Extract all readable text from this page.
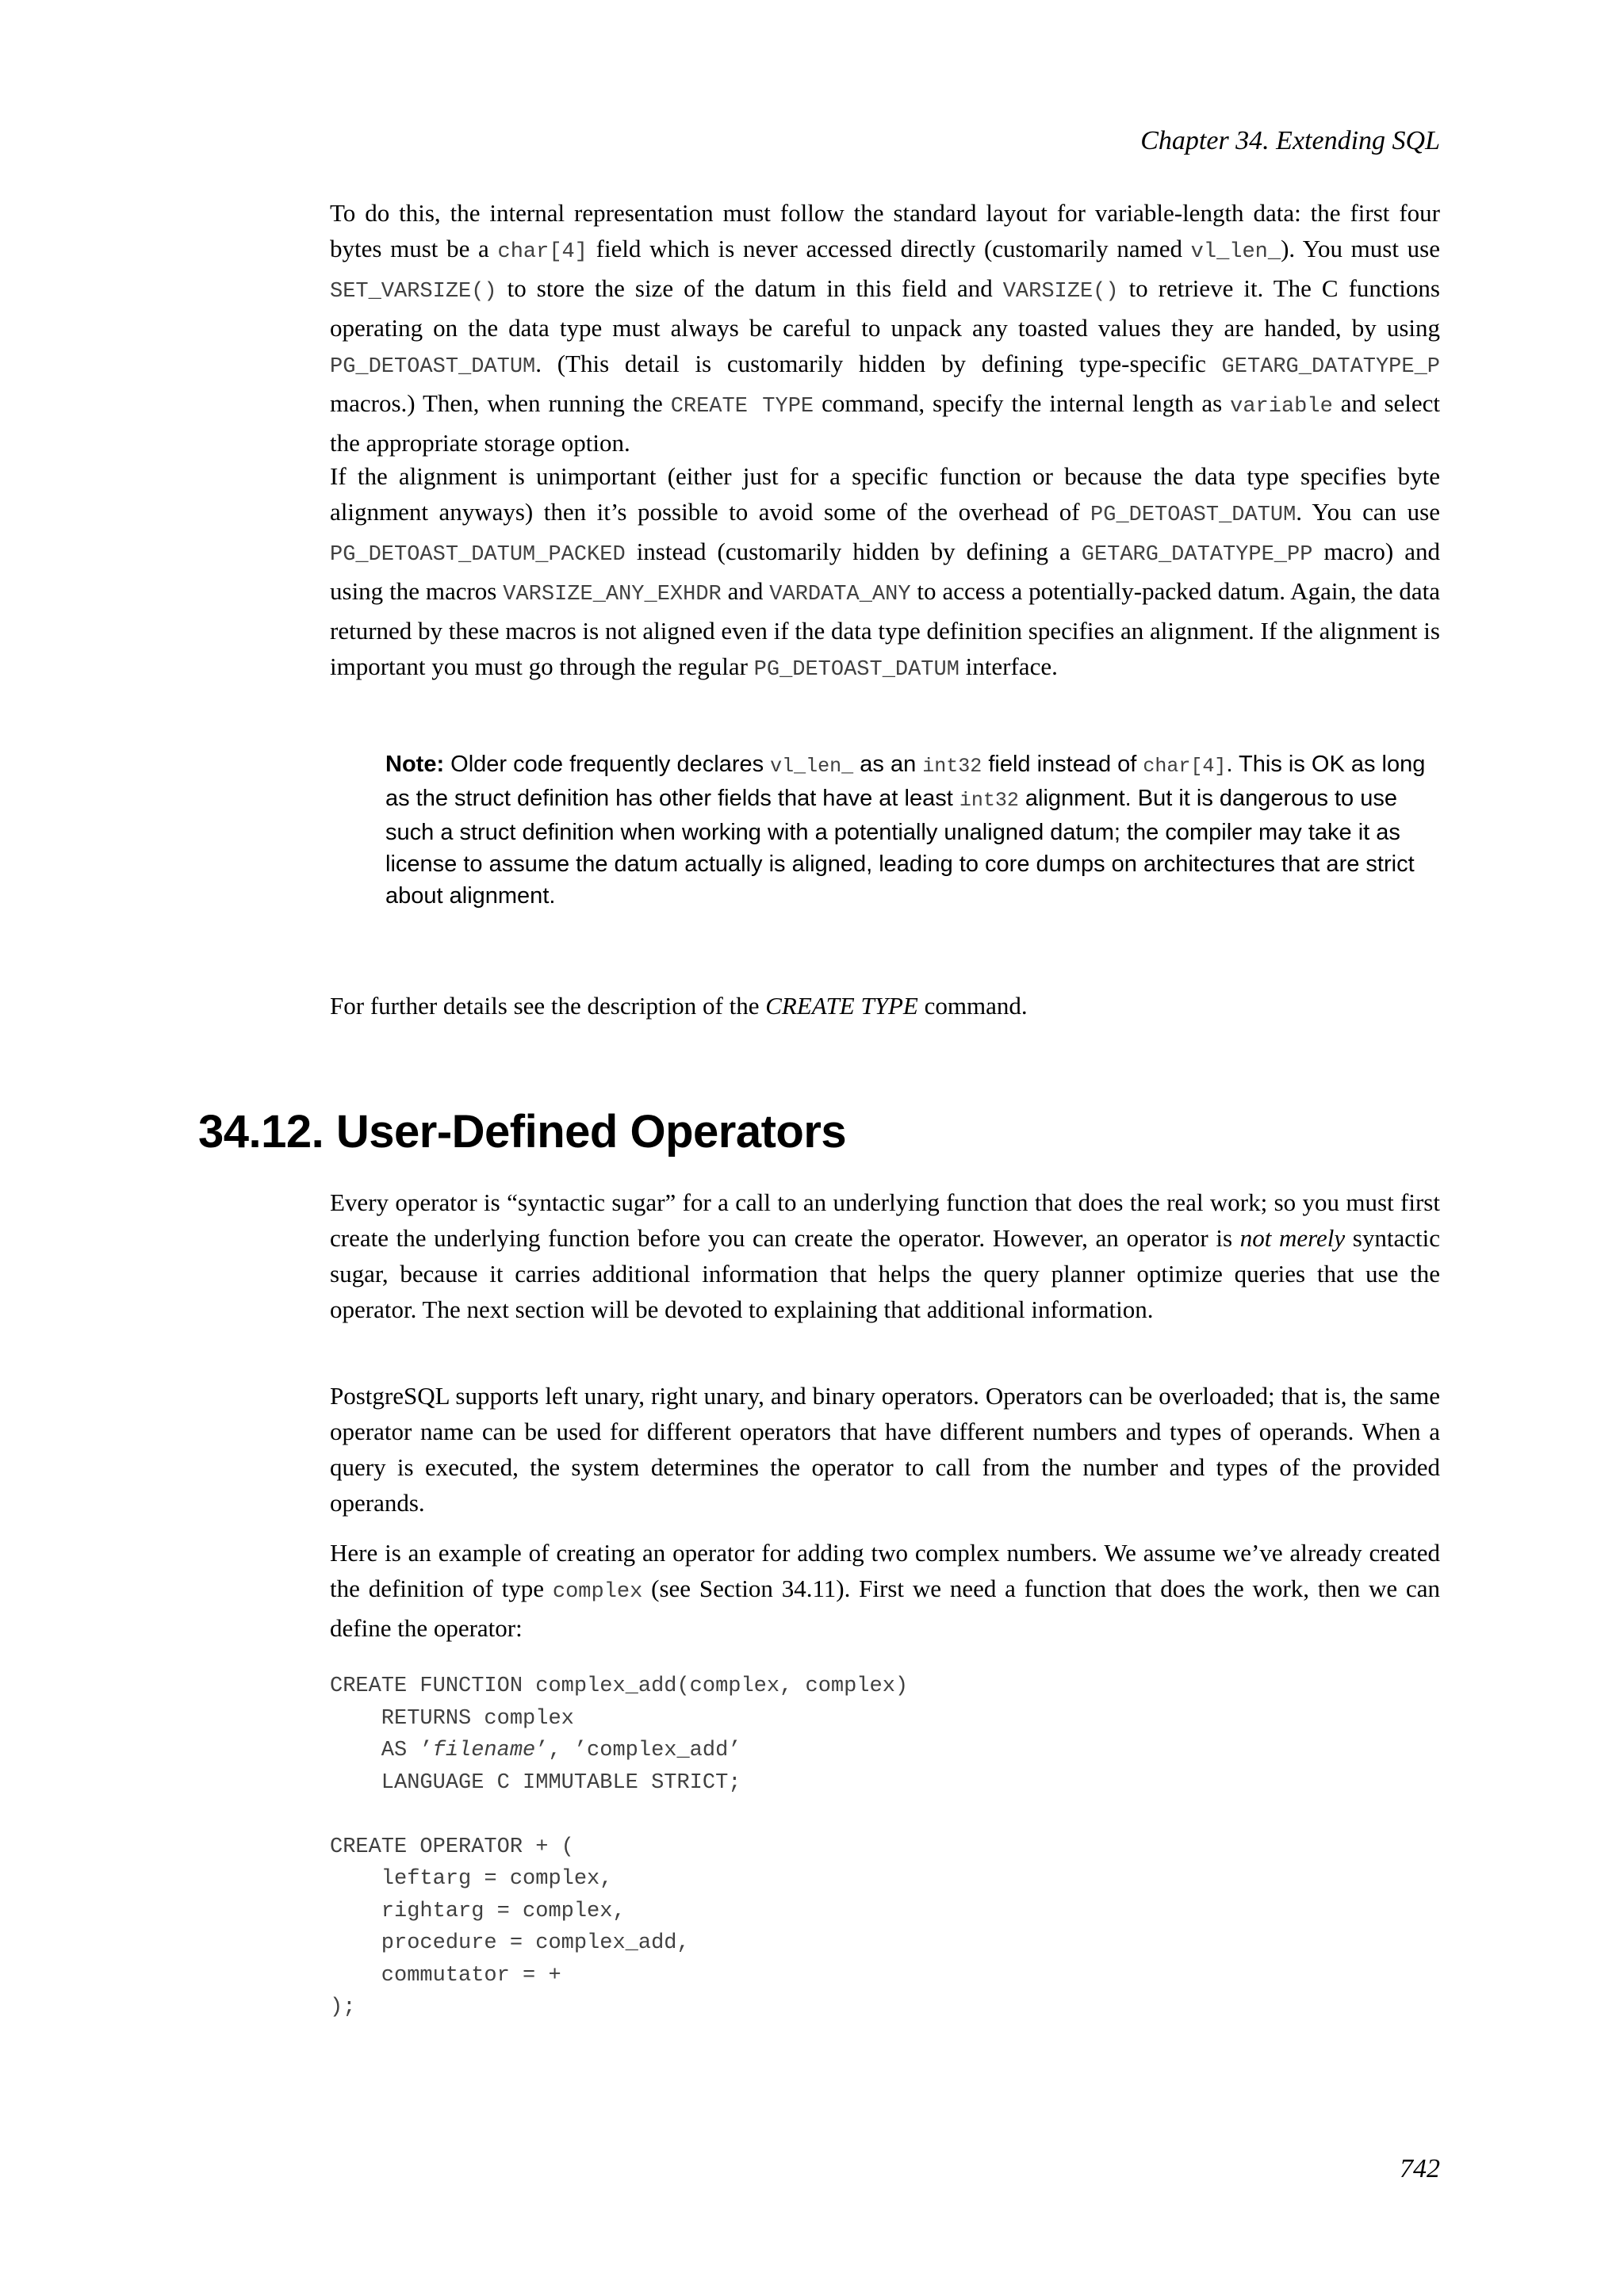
Chapter 34. Extending SQL

To do this, the internal representation must follow the standard layout for variable-length data: the first four bytes must be a char[4] field which is never accessed directly (customarily named vl_len_). You must use SET_VARSIZE() to store the size of the datum in this field and VARSIZE() to retrieve it. The C functions operating on the data type must always be careful to unpack any toasted values they are handed, by using PG_DETOAST_DATUM. (This detail is customarily hidden by defining type-specific GETARG_DATATYPE_P macros.) Then, when running the CREATE TYPE command, specify the internal length as variable and select the appropriate storage option.

If the alignment is unimportant (either just for a specific function or because the data type specifies byte alignment anyways) then it’s possible to avoid some of the overhead of PG_DETOAST_DATUM. You can use PG_DETOAST_DATUM_PACKED instead (customarily hidden by defining a GETARG_DATATYPE_PP macro) and using the macros VARSIZE_ANY_EXHDR and VARDATA_ANY to access a potentially-packed datum. Again, the data returned by these macros is not aligned even if the data type definition specifies an alignment. If the alignment is important you must go through the regular PG_DETOAST_DATUM interface.

Note: Older code frequently declares vl_len_ as an int32 field instead of char[4]. This is OK as long as the struct definition has other fields that have at least int32 alignment. But it is dangerous to use such a struct definition when working with a potentially unaligned datum; the compiler may take it as license to assume the datum actually is aligned, leading to core dumps on architectures that are strict about alignment.

For further details see the description of the CREATE TYPE command.

34.12. User-Defined Operators

Every operator is “syntactic sugar” for a call to an underlying function that does the real work; so you must first create the underlying function before you can create the operator. However, an operator is not merely syntactic sugar, because it carries additional information that helps the query planner optimize queries that use the operator. The next section will be devoted to explaining that additional information.

PostgreSQL supports left unary, right unary, and binary operators. Operators can be overloaded; that is, the same operator name can be used for different operators that have different numbers and types of operands. When a query is executed, the system determines the operator to call from the number and types of the provided operands.

Here is an example of creating an operator for adding two complex numbers. We assume we’ve already created the definition of type complex (see Section 34.11). First we need a function that does the work, then we can define the operator:

CREATE FUNCTION complex_add(complex, complex)
RETURNS complex
AS ’filename’, ’complex_add’
LANGUAGE C IMMUTABLE STRICT;
CREATE OPERATOR + (
leftarg = complex,
rightarg = complex,
procedure = complex_add,
commutator = +
);
742
